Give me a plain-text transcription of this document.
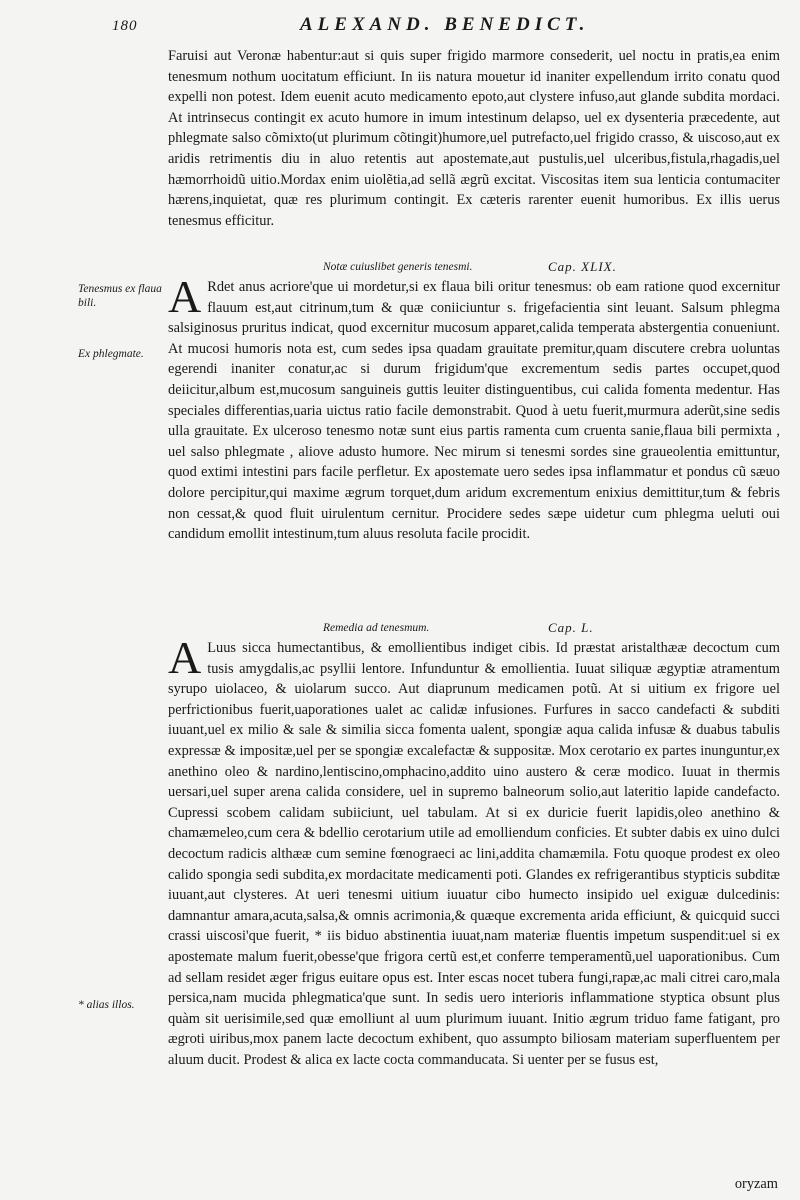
180	ALEXAND. BENEDICT.
Faruisi aut Veronæ habentur:aut si quis super frigido marmore consederit, uel noctu in pratis,ea enim tenesmum nothum uocitatum efficiunt. In iis natura mouetur id inaniter expellendum irrito conatu quod expelli non potest. Idem euenit acuto medicamento epoto,aut clystere infuso,aut glande subdita mordaci. At intrinsecus contingit ex acuto humore in imum intestinum delapso, uel ex dysenteria præcedente, aut phlegmate salso cõmixto(ut plurimum cõtingit)humore,uel putrefacto,uel frigido crasso, & uiscoso,aut ex aridis retrimentis diu in aluo retentis aut apostemate,aut pustulis,uel ulceribus,fistula,rhagadis,uel hæmorrhoidũ uitio.Mordax enim uiolẽtia,ad sellã ægrũ excitat. Viscositas item sua lenticia contumaciter hærens,inquietat, quæ res plurimum contingit. Ex cæteris rarenter euenit humoribus. Ex illis uerus tenesmus efficitur.
Notæ cuiuslibet generis tenesmi.	Cap. XLIX.
A Rdet anus acriore'que ui mordetur,si ex flaua bili oritur tenesmus: ob eam ratione quod excernitur flauum est,aut citrinum,tum & quæ coniiciuntur s. frigefacientia sint leuant. Salsum phlegma salsiginosus pruritus indicat, quod excernitur mucosum apparet,calida temperata abstergentia conueniunt. At mucosi humoris nota est, cum sedes ipsa quadam grauitate premitur,quam discutere crebra uoluntas egerendi inaniter conatur,ac si durum frigidum'que excrementum sedis partes occupet,quod deiicitur,album est,mucosum sanguineis guttis leuiter distinguentibus, cui calida fomenta medentur. Has speciales differentias,uaria uictus ratio facile demonstrabit. Quod à uetu fuerit,murmura aderũt,sine sedis ulla grauitate. Ex ulceroso tenesmo notæ sunt eius partis ramenta cum cruenta sanie,flaua bili permixta , uel salso phlegmate , aliove adusto humore. Nec mirum si tenesmi sordes sine graueolentia emittuntur, quod extimi intestini pars facile perfletur. Ex apostemate uero sedes ipsa inflammatur et pondus cũ sæuo dolore percipitur,qui maxime ægrum torquet,dum aridum excrementum enixius demittitur,tum & febris non cessat,& quod fluit uirulentum cernitur. Procidere sedes sæpe uidetur cum phlegma ueluti oui candidum emollit intestinum,tum aluus resoluta facile procidit.
Remedia ad tenesmum.	Cap. L.
A Luus sicca humectantibus, & emollientibus indiget cibis. Id præstat aristalthææ decoctum cum tusis amygdalis,ac psyllii lentore. Infunduntur & emollientia. Iuuat siliquæ ægyptiæ atramentum syrupo uiolaceo, & uiolarum succo. Aut diaprunum medicamen potũ. At si uitium ex frigore uel perfrictionibus fuerit,uaporationes ualet ac calidæ infusiones. Furfures in sacco candefacti & subditi iuuant,uel ex milio & sale & similia sicca fomenta ualent, spongiæ aqua calida infusæ & duabus tabulis expressæ & impositæ,uel per se spongiæ excalefactæ & suppositæ. Mox cerotario ex partes inunguntur,ex anethino oleo & nardino,lentiscino,omphacino,addito uino austero & ceræ modico. Iuuat in thermis uersari,uel super arena calida considere, uel in supremo balneorum solio,aut lateritio lapide candefacto. Cupressi scobem calidam subiiciunt, uel tabulam. At si ex duricie fuerit lapidis,oleo anethino & chamæmeleo,cum cera & bdellio cerotarium utile ad emolliendum conficies. Et subter dabis ex uino dulci decoctum radicis althææ cum semine fœnograeci ac lini,addita chamæmila. Fotu quoque prodest ex oleo calido spongia sedi subdita,ex mordacitate medicamenti poti. Glandes ex refrigerantibus stypticis subditæ iuuant,aut clysteres. At ueri tenesmi uitium iuuatur cibo humecto insipido uel exiguæ dulcedinis: damnantur amara,acuta,salsa,& omnis acrimonia,& quæque excrementa arida efficiunt, & quicquid succi crassi uiscosi'que fuerit, * iis biduo abstinentia iuuat,nam materiæ fluentis impetum suspendit:uel si ex apostemate malum fuerit,obesse'que frigora certũ est,et conferre temperamentũ,uel uaporationibus. Cum ad sellam residet æger frigus euitare opus est. Inter escas nocet tubera fungi,rapæ,ac mali citrei caro,mala persica,nam mucida phlegmatica'que sunt. In sedis uero interioris inflammatione styptica obsunt plus quàm sit uerisimile,sed quæ emolliunt al uum plurimum iuuant. Initio ægrum triduo fame fatigant, pro ægroti uiribus,mox panem lacte decoctum exhibent, quo assumpto biliosam materiam superfluentem per aluum ducit. Prodest & alica ex lacte cocta commanducata. Si uenter per se fusus est,
Tenesmus ex flaua bili.
Ex phlegmate.
* alias illos.
oryzam
